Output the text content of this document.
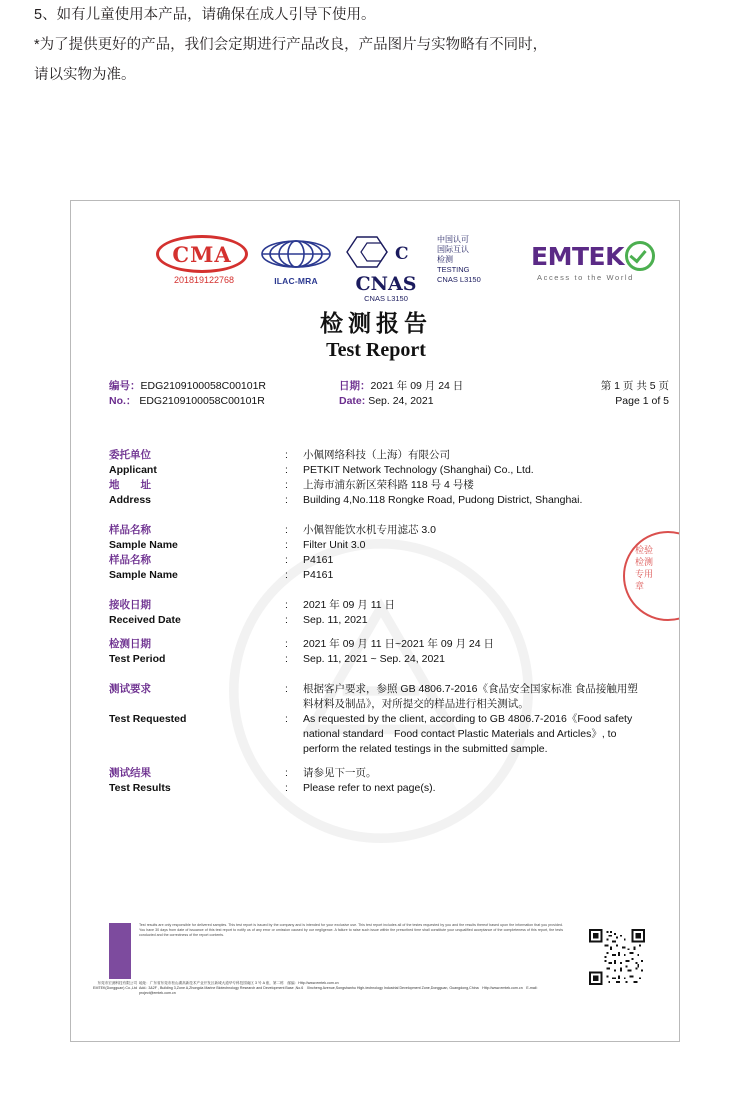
5、如有儿童使用本产品，请确保在成人引导下使用。
*为了提供更好的产品，我们会定期进行产品改良，产品图片与实物略有不同时，
请以实物为准。
检验检测专用章
CMA
201819122768	ILAC-MRA
C
CNAS
CNAS L3150
中国认可
国际互认
检测
TESTING
CNAS L3150
EMTEK
Access to the World
检测报告
Test Report
编号：EDG2109100058C00101R	日期：2021 年 09 月 24 日	第 1 页 共 5 页
No.： EDG2109100058C00101R	Date: Sep. 24, 2021	Page 1 of 5
委托单位	:	小佩网络科技（上海）有限公司
Applicant	:	PETKIT Network Technology (Shanghai) Co., Ltd.
地　　址	:	上海市浦东新区荣科路 118 号 4 号楼
Address	:	Building 4,No.118 Rongke Road, Pudong District, Shanghai.
样品名称	:	小佩智能饮水机专用滤芯 3.0
Sample Name	:	Filter Unit 3.0
样品名称	:	P4161
Sample Name	:	P4161
接收日期	:	2021 年 09 月 11 日
Received Date	:	Sep. 11, 2021
检测日期	:	2021 年 09 月 11 日~2021 年 09 月 24 日
Test Period	:	Sep. 11, 2021 ~ Sep. 24, 2021
测试要求	:	根据客户要求，参照 GB 4806.7-2016《食品安全国家标准 食品接触用塑料材料及制品》，对所提交的样品进行相关测试。
Test Requested	:	As requested by the client, according to GB 4806.7-2016《Food safety national standard　Food contact Plastic Materials and Articles》, to perform the related testings in the submitted sample.
测试结果	:	请参见下一页。
Test Results	:	Please refer to next page(s).
Test results are only responsible for delivered samples. This test report is issued by the company and is intended for your exclusive use. This test report includes all of the testes requested by you and the results thereof based upon the information that you provided. You have 30 days from date of issuance of this test report to notify us of any error or omission caused by our negligence. A failure to raise such issue within the prescribed time shall constitute your unqualified acceptance of the completeness of this report, the tests conducted and the correctness of the report contents.
东莞市宏测科技有限公司 EMTEK(Dongguan) Co.,Ltd
地址：广东省东莞市松山湖高新技术产业开发区新城大道华专科技园南区 3 号 A 座，第二栋　邮编：Http://www.emtek.com.cn
Add.: 3&2F , Building 3,Zone A,Zhongda Marine Biotechnology Research and Development Base ,No.6　Xincheng Avenue,Songshanhu High-technology Industrial Development Zone,Dongguan, Guangdong,China　Http://www.emtek.com.cn　E-mail: project@emtek.com.cn
